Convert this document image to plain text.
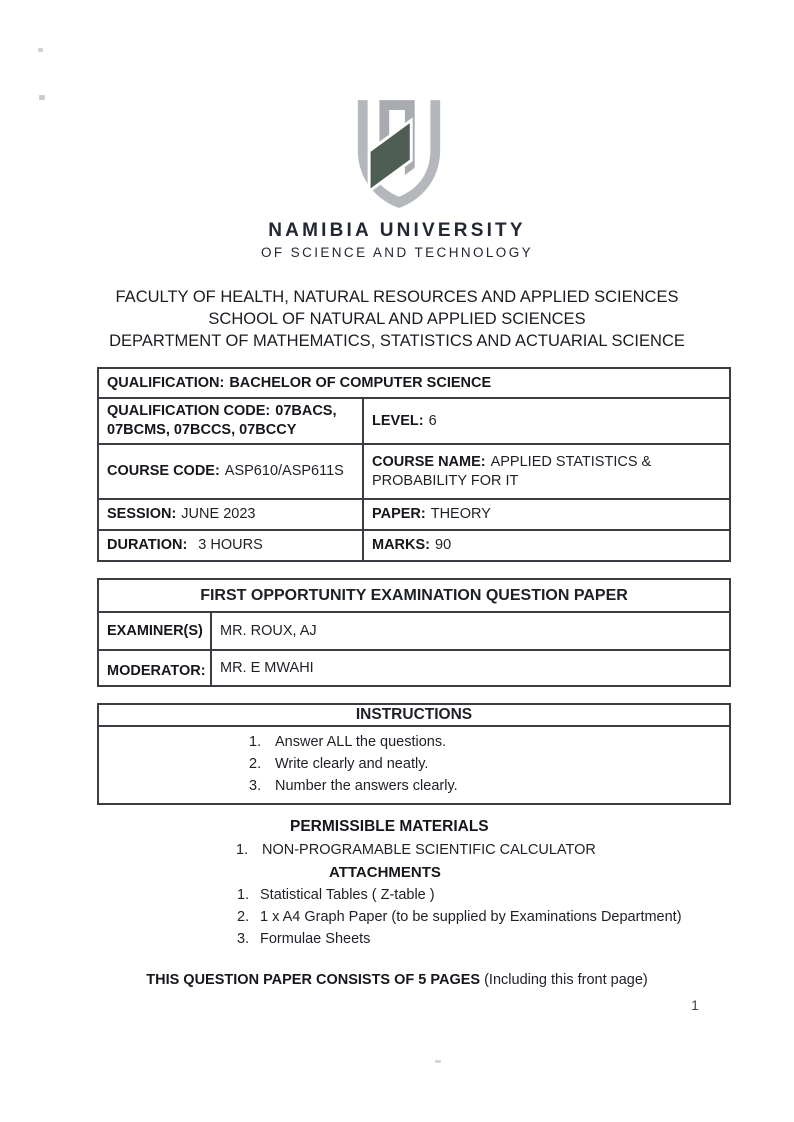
NAMIBIA UNIVERSITY
OF SCIENCE AND TECHNOLOGY
FACULTY OF HEALTH, NATURAL RESOURCES AND APPLIED SCIENCES
SCHOOL OF NATURAL AND APPLIED SCIENCES
DEPARTMENT OF MATHEMATICS, STATISTICS AND ACTUARIAL SCIENCE
QUALIFICATION: BACHELOR OF COMPUTER SCIENCE	
QUALIFICATION CODE: 07BACS, 07BCMS, 07BCCS, 07BCCY	LEVEL: 6
COURSE CODE: ASP610/ASP611S	COURSE NAME: APPLIED STATISTICS & PROBABILITY FOR IT
SESSION: JUNE 2023	PAPER: THEORY
DURATION: 3 HOURS	MARKS: 90
FIRST OPPORTUNITY EXAMINATION QUESTION PAPER	
EXAMINER(S)	MR. ROUX, AJ
MODERATOR:	MR. E MWAHI
INSTRUCTIONS

1. Answer ALL the questions.
2. Write clearly and neatly.
3. Number the answers clearly.
PERMISSIBLE MATERIALS
1. NON-PROGRAMABLE SCIENTIFIC CALCULATOR
ATTACHMENTS
1. Statistical Tables ( Z-table )
2. 1 x A4 Graph Paper (to be supplied by Examinations Department)
3. Formulae Sheets
THIS QUESTION PAPER CONSISTS OF 5 PAGES (Including this front page)
1
